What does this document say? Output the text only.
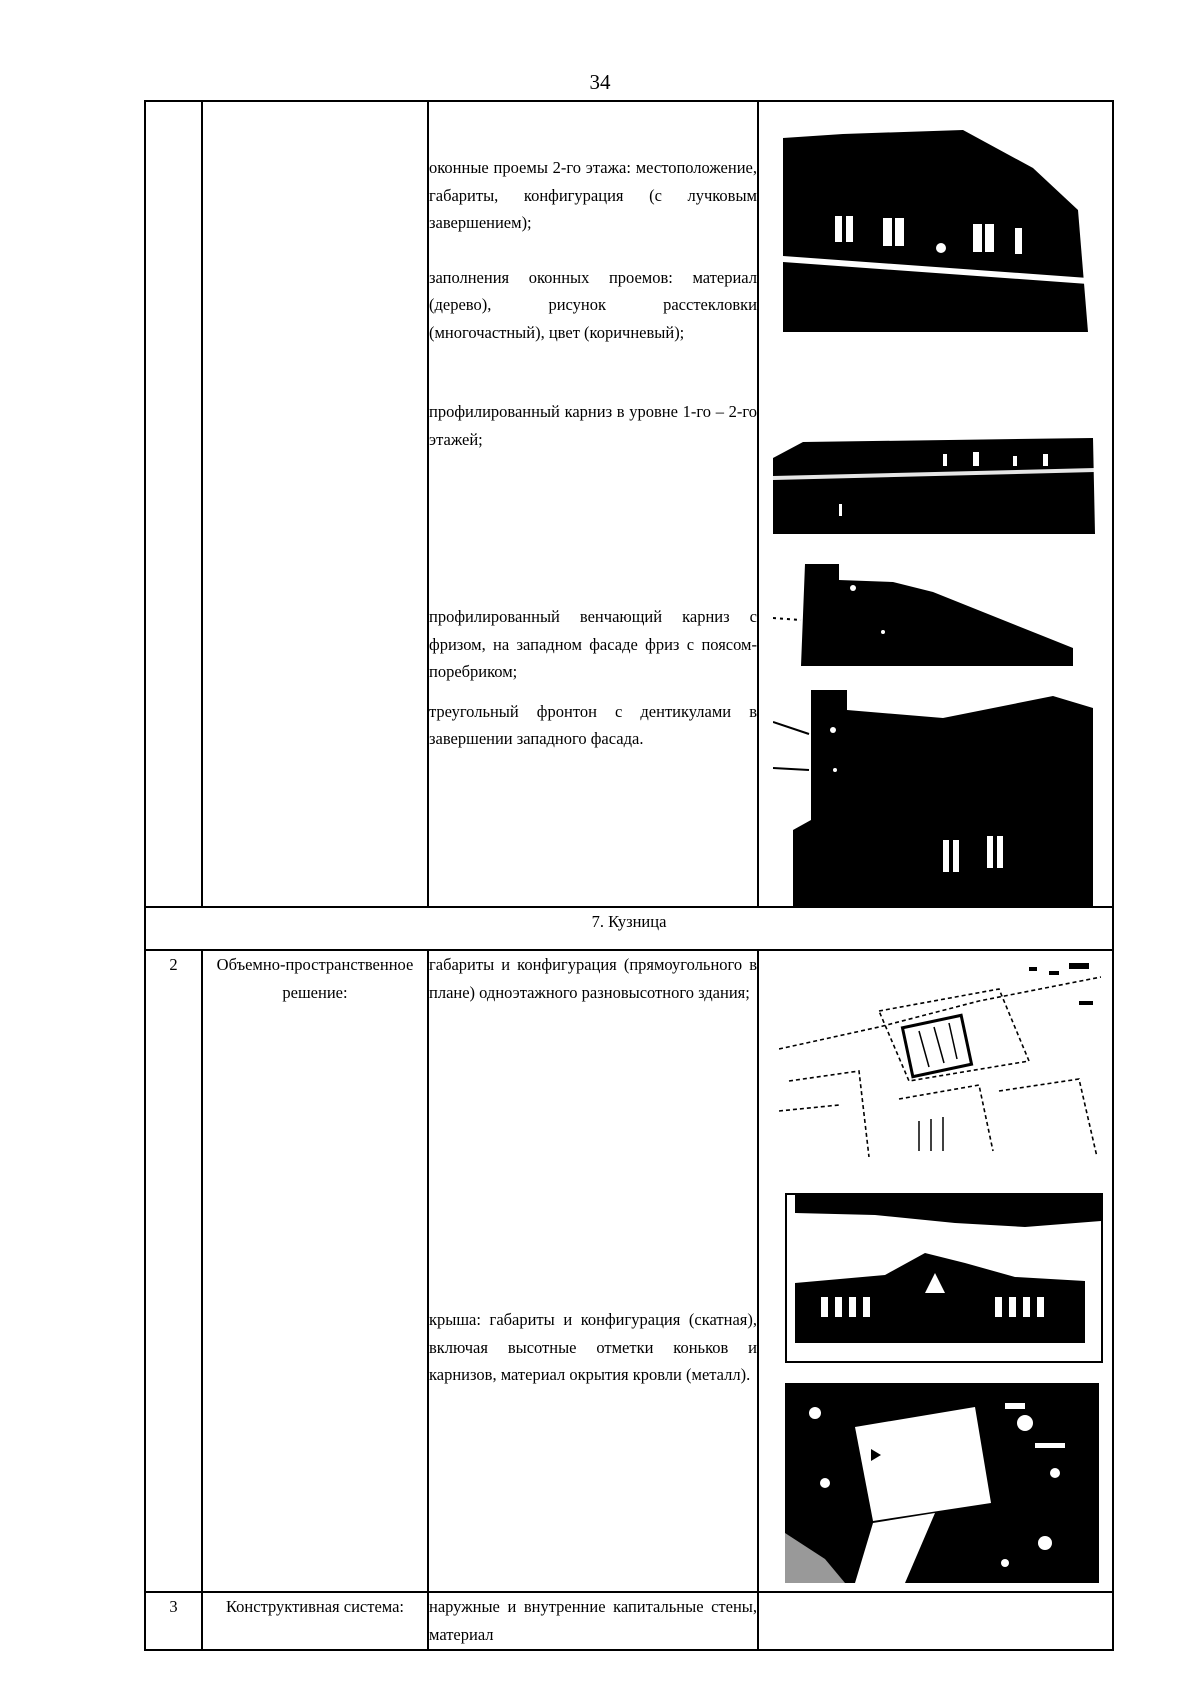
34

		оконные проемы 2-го этажа: местоположение, габариты, конфигурация (с лучковым завершением);
заполнения оконных проемов: материал (дерево), рисунок расстекловки (многочастный), цвет (коричневый);
профилированный карниз в уровне 1-го – 2-го этажей;
профилированный венчающий карниз с фризом, на западном фасаде фриз с поясом-поребриком;
треугольный фронтон с дентикулами в завершении западного фасада.

7. Кузница			
2	Объемно-пространственное решение:	габариты и конфигурация (прямоугольного в плане) одноэтажного разновысотного здания;
крыша: габариты и конфигурация (скатная), включая высотные отметки коньков и карнизов, материал окрытия кровли (металл).

3	Конструктивная система:	наружные и внутренние капитальные стены, материал	
